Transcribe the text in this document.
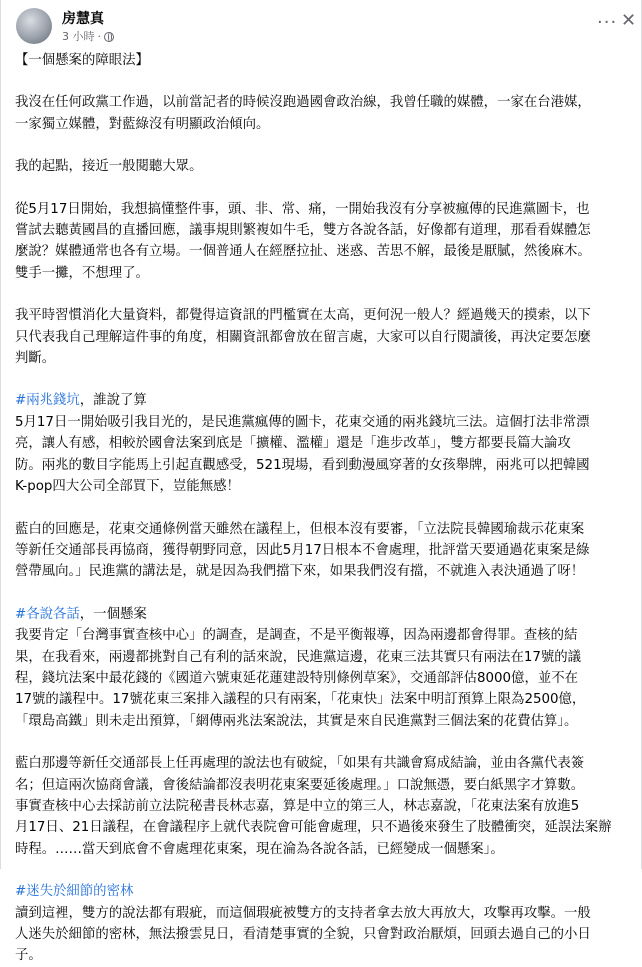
房慧真
3 小時 ·
··· ✕

【一個懸案的障眼法】

我沒在任何政黨工作過，以前當記者的時候沒跑過國會政治線，我曾任職的媒體，一家在台港媒，
一家獨立媒體，對藍綠沒有明顯政治傾向。

我的起點，接近一般閱聽大眾。

從5月17日開始，我想搞懂整件事，頭、非、常、痛，一開始我沒有分享被瘋傳的民進黨圖卡，也
嘗試去聽黃國昌的直播回應，議事規則繁複如牛毛，雙方各說各話，好像都有道理，那看看媒體怎
麼說？媒體通常也各有立場。一個普通人在經歷拉扯、迷惑、苦思不解，最後是厭膩，然後麻木。
雙手一攤，不想理了。

我平時習慣消化大量資料，都覺得這資訊的門檻實在太高，更何況一般人？經過幾天的摸索，以下
只代表我自己理解這件事的角度，相關資訊都會放在留言處，大家可以自行閱讀後，再決定要怎麼
判斷。

#兩兆錢坑，誰說了算
5月17日一開始吸引我目光的，是民進黨瘋傳的圖卡，花東交通的兩兆錢坑三法。這個打法非常漂
亮，讓人有感，相較於國會法案到底是「擴權、濫權」還是「進步改革」，雙方都要長篇大論攻
防。兩兆的數目字能馬上引起直觀感受，521現場，看到動漫風穿著的女孩舉牌，兩兆可以把韓國
K-pop四大公司全部買下，豈能無感！

藍白的回應是，花東交通條例當天雖然在議程上，但根本沒有要審，「立法院長韓國瑜裁示花東案
等新任交通部長再協商，獲得朝野同意，因此5月17日根本不會處理，批評當天要通過花東案是綠
營帶風向。」民進黨的講法是，就是因為我們擋下來，如果我們沒有擋，不就進入表決通過了呀！

#各說各話，一個懸案
我要肯定「台灣事實查核中心」的調查，是調查，不是平衡報導，因為兩邊都會得罪。查核的結
果，在我看來，兩邊都挑對自己有利的話來說，民進黨這邊，花東三法其實只有兩法在17號的議
程，錢坑法案中最花錢的《國道六號東延花蓮建設特別條例草案》，交通部評估8000億，並不在
17號的議程中。17號花東三案排入議程的只有兩案，「花東快」法案中明訂預算上限為2500億，
「環島高鐵」則未走出預算，「網傳兩兆法案說法，其實是來自民進黨對三個法案的花費估算」。

藍白那邊等新任交通部長上任再處理的說法也有破綻，「如果有共識會寫成結論，並由各黨代表簽
名；但這兩次協商會議，會後結論都沒表明花東案要延後處理。」口說無憑，要白紙黑字才算數。
事實查核中心去採訪前立法院秘書長林志嘉，算是中立的第三人，林志嘉說，「花東法案有放進5
月17日、21日議程，在會議程序上就代表院會可能會處理，只不過後來發生了肢體衝突，延誤法案辦
時程。……當天到底會不會處理花東案，現在淪為各說各話，已經變成一個懸案」。

#迷失於細節的密林
讀到這裡，雙方的說法都有瑕疵，而這個瑕疵被雙方的支持者拿去放大再放大，攻擊再攻擊。一般
人迷失於細節的密林，無法撥雲見日，看清楚事實的全貌，只會對政治厭煩，回頭去過自己的小日
子。
